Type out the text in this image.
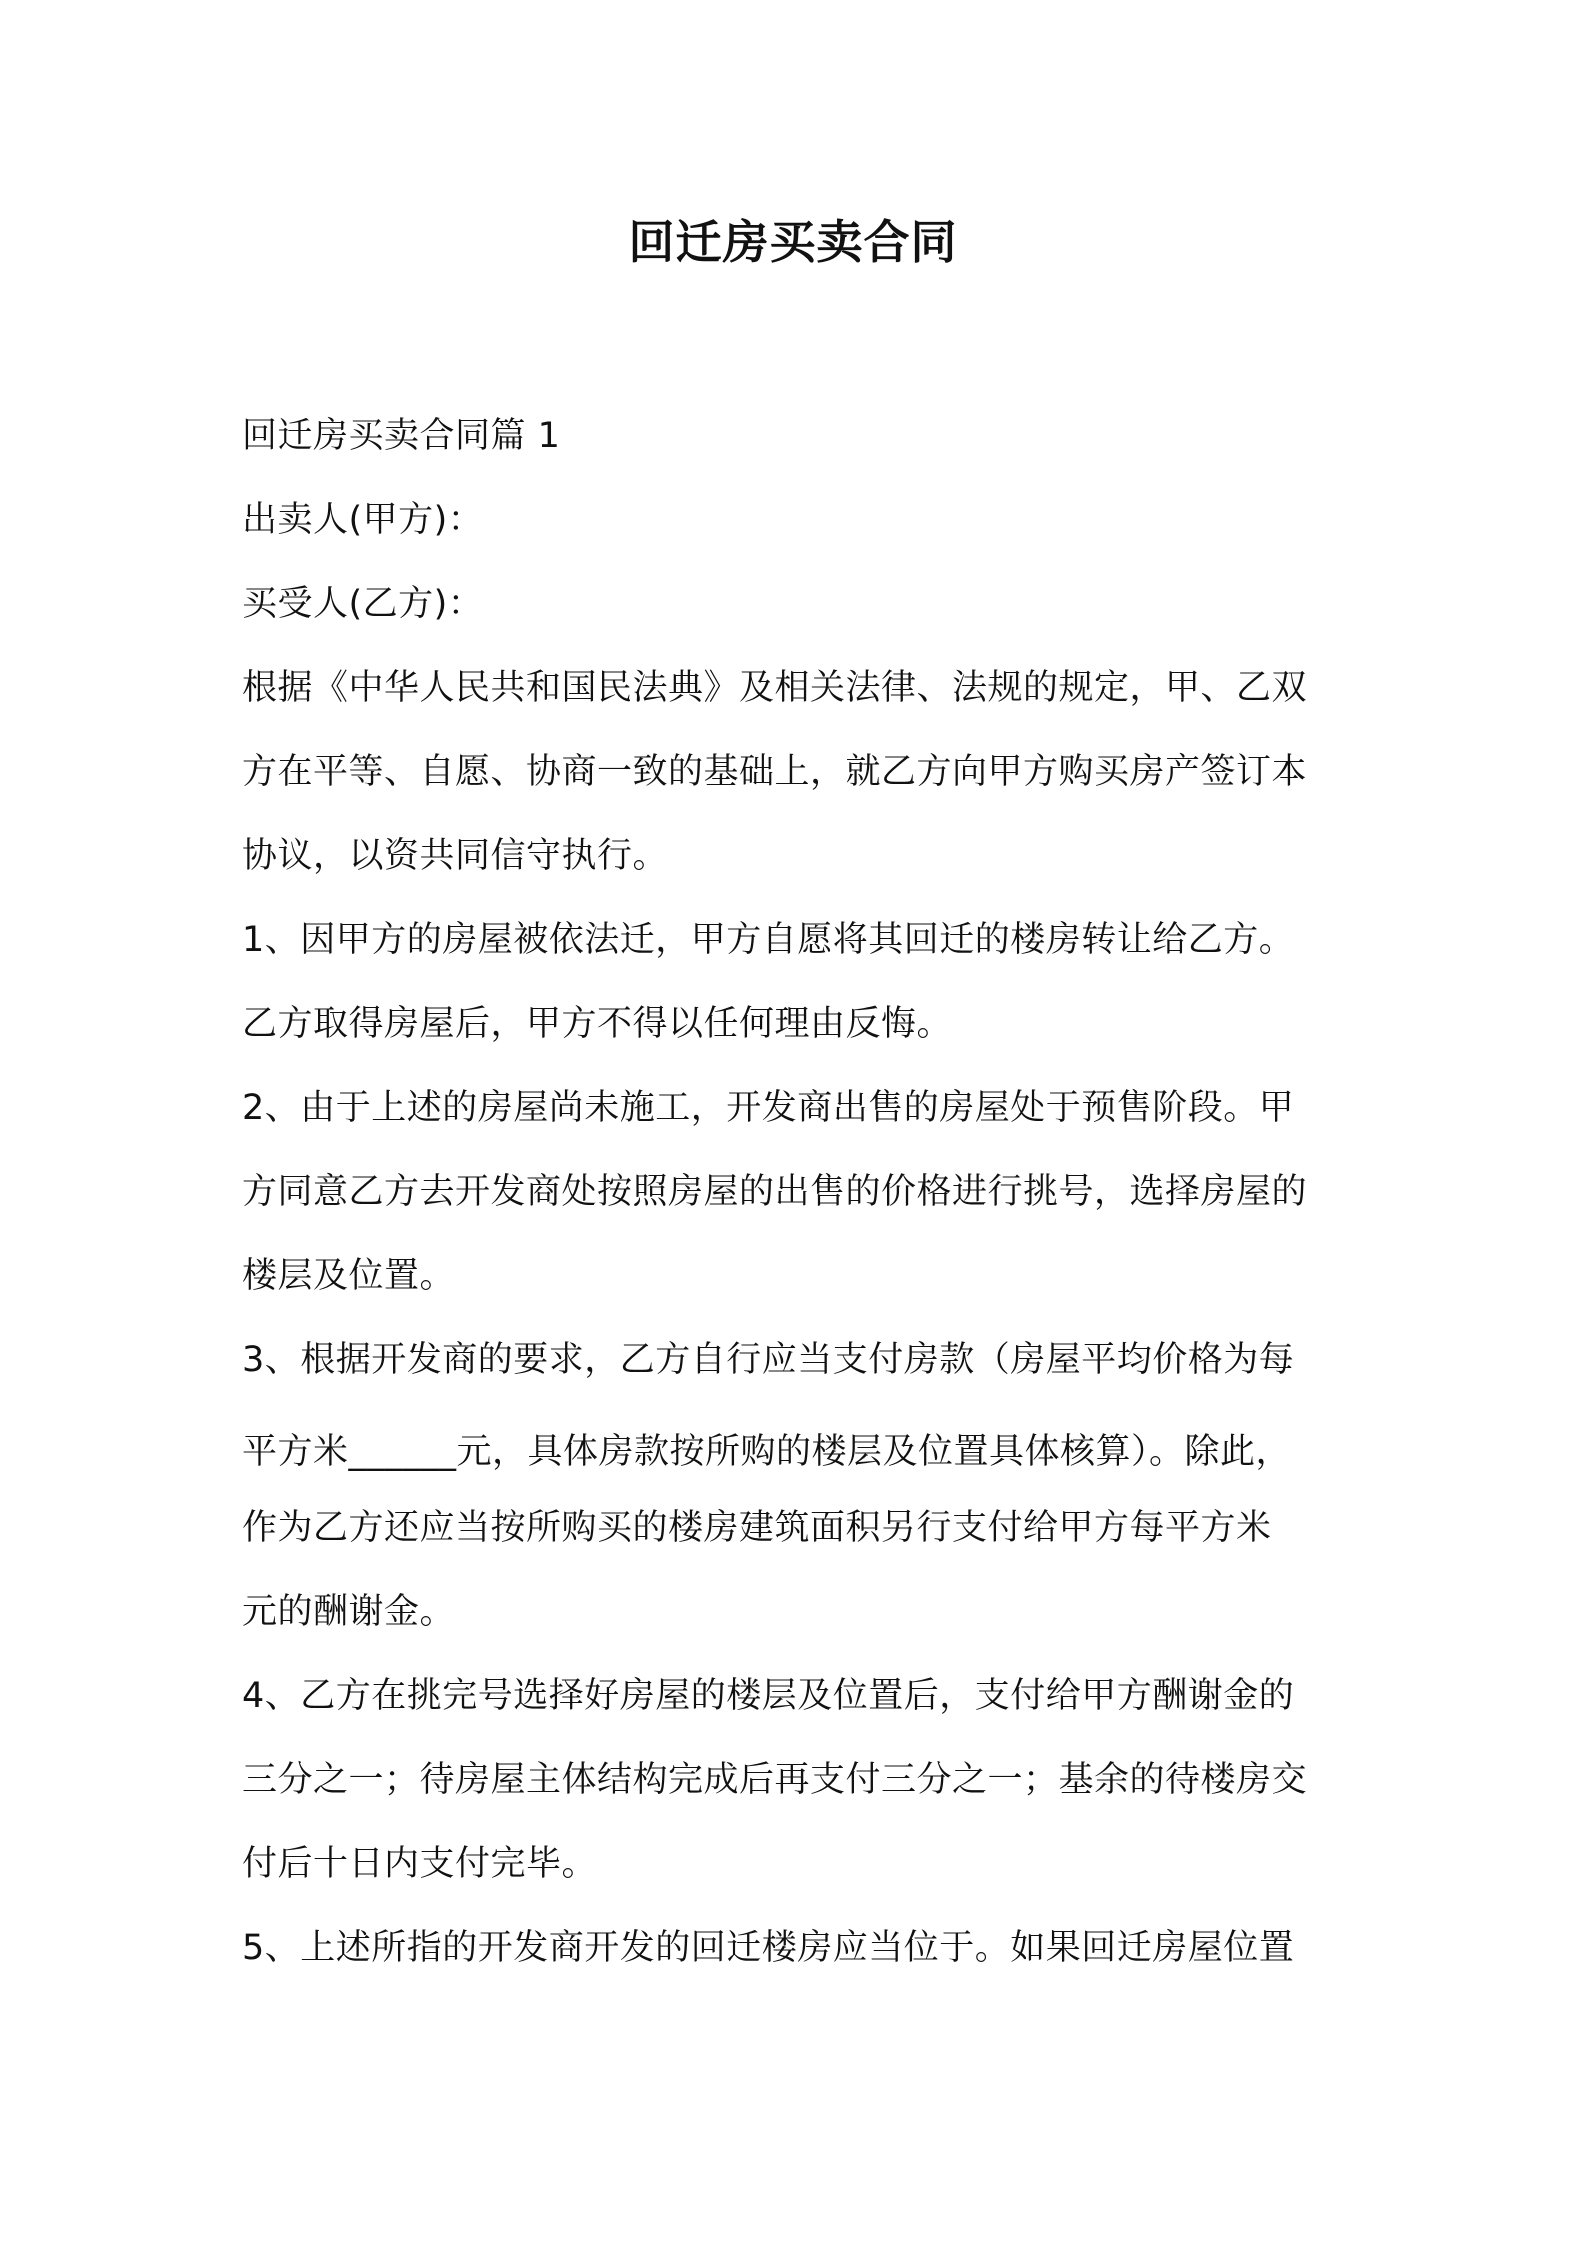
回迁房买卖合同
回迁房买卖合同篇 1
出卖人(甲方)：
买受人(乙方)：
根据《中华人民共和国民法典》及相关法律、法规的规定，甲、乙双
方在平等、自愿、协商一致的基础上，就乙方向甲方购买房产签订本
协议，以资共同信守执行。
1、因甲方的房屋被依法迁，甲方自愿将其回迁的楼房转让给乙方。
乙方取得房屋后，甲方不得以任何理由反悔。
2、由于上述的房屋尚未施工，开发商出售的房屋处于预售阶段。甲
方同意乙方去开发商处按照房屋的出售的价格进行挑号，选择房屋的
楼层及位置。
3、根据开发商的要求，乙方自行应当支付房款（房屋平均价格为每
平方米______元，具体房款按所购的楼层及位置具体核算）。除此，
作为乙方还应当按所购买的楼房建筑面积另行支付给甲方每平方米
元的酬谢金。
4、乙方在挑完号选择好房屋的楼层及位置后，支付给甲方酬谢金的
三分之一；待房屋主体结构完成后再支付三分之一；基余的待楼房交
付后十日内支付完毕。
5、上述所指的开发商开发的回迁楼房应当位于。如果回迁房屋位置
